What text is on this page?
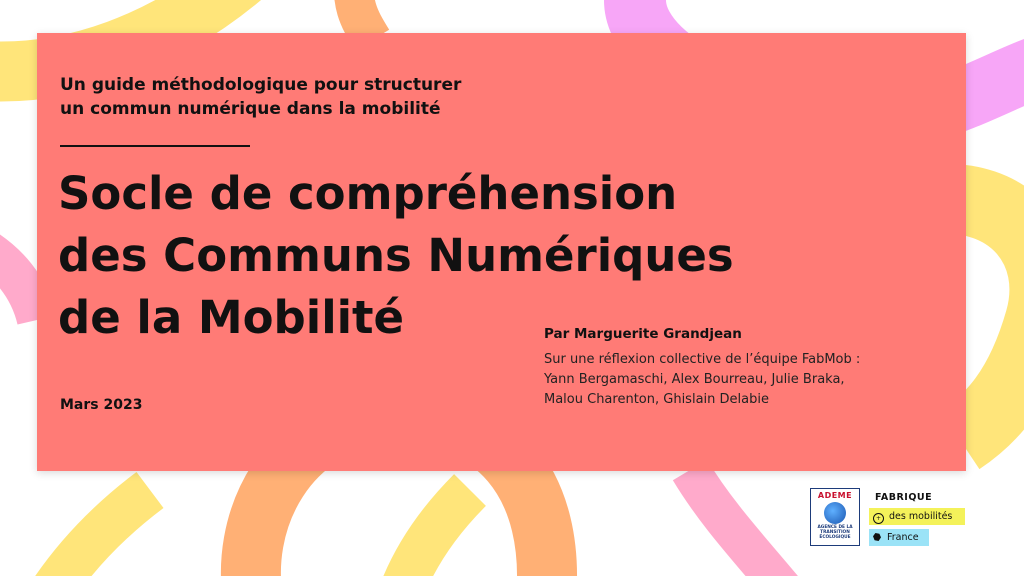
Un guide méthodologique pour structurer
un commun numérique dans la mobilité
Socle de compréhension
des Communs Numériques
de la Mobilité
Mars 2023
Par Marguerite Grandjean
Sur une réflexion collective de l’équipe FabMob :
Yann Bergamaschi, Alex Bourreau, Julie Braka,
Malou Charenton, Ghislain Delabie
ADEME
AGENCE DE LA
TRANSITION
ÉCOLOGIQUE
FABRIQUE
+ des mobilités
France
